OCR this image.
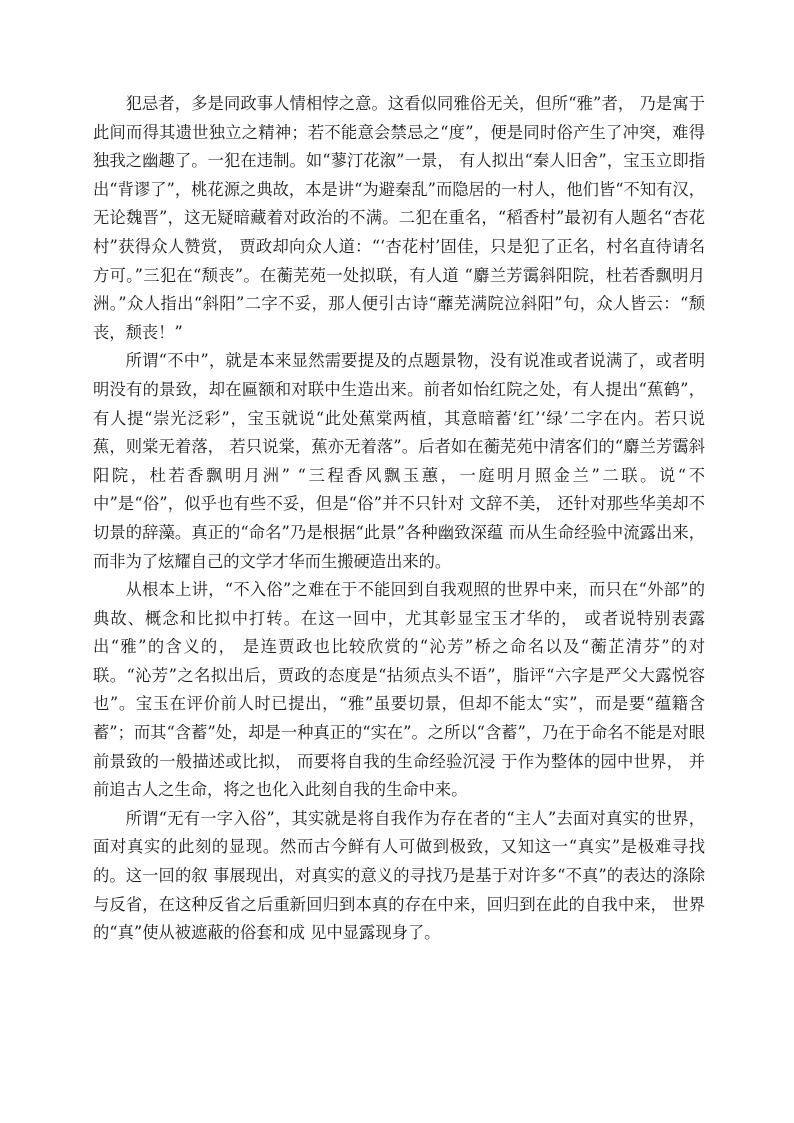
犯忌者，多是同政事人情相悖之意。这看似同雅俗无关，但所“雅”者， 乃是寓于此间而得其遗世独立之精神；若不能意会禁忌之“度”，便是同时俗产生了冲突，难得独我之幽趣了。一犯在违制。如“蓼汀花溆”一景， 有人拟出“秦人旧舍”，宝玉立即指出“背谬了”，桃花源之典故，本是讲“为避秦乱”而隐居的一村人，他们皆“不知有汉，无论魏晋”，这无疑暗藏着对政治的不满。二犯在重名，“稻香村”最初有人题名“杏花村”获得众人赞赏， 贾政却向众人道：“‘杏花村’固佳，只是犯了正名，村名直待请名方可。”三犯在“颓丧”。在蘅芜苑一处拟联，有人道 “麝兰芳霭斜阳院，杜若香飘明月洲。”众人指出“斜阳”二字不妥，那人便引古诗“蘼芜满院泣斜阳”句，众人皆云：“颓丧，颓丧！”

所谓“不中”，就是本来显然需要提及的点题景物，没有说准或者说满了，或者明明没有的景致，却在匾额和对联中生造出来。前者如怡红院之处，有人提出“蕉鹤”，有人提“崇光泛彩”，宝玉就说“此处蕉棠两植，其意暗蓄‘红’‘绿’二字在内。若只说蕉，则棠无着落， 若只说棠，蕉亦无着落”。后者如在蘅芜苑中清客们的“麝兰芳霭斜阳院，杜若香飘明月洲” “三程香风飘玉蕙，一庭明月照金兰”二联。说“不中”是“俗”，似乎也有些不妥，但是“俗”并不只针对 文辞不美， 还针对那些华美却不切景的辞藻。真正的“命名”乃是根据“此景”各种幽致深蕴 而从生命经验中流露出来，而非为了炫耀自己的文学才华而生搬硬造出来的。

从根本上讲，“不入俗”之难在于不能回到自我观照的世界中来，而只在“外部”的典故、概念和比拟中打转。在这一回中，尤其彰显宝玉才华的， 或者说特别表露出“雅”的含义的， 是连贾政也比较欣赏的“沁芳”桥之命名以及“蘅芷清芬”的对联。“沁芳”之名拟出后，贾政的态度是“拈须点头不语”，脂评“六字是严父大露悦容也”。宝玉在评价前人时已提出，“雅”虽要切景，但却不能太“实”，而是要“蕴籍含蓄”；而其“含蓄”处，却是一种真正的“实在”。之所以“含蓄”，乃在于命名不能是对眼前景致的一般描述或比拟， 而要将自我的生命经验沉浸 于作为整体的园中世界， 并前追古人之生命，将之也化入此刻自我的生命中来。

所谓“无有一字入俗”，其实就是将自我作为存在者的“主人”去面对真实的世界，面对真实的此刻的显现。然而古今鲜有人可做到极致，又知这一“真实”是极难寻找的。这一回的叙 事展现出，对真实的意义的寻找乃是基于对许多“不真”的表达的涤除与反省，在这种反省之后重新回归到本真的存在中来，回归到在此的自我中来， 世界的“真”使从被遮蔽的俗套和成 见中显露现身了。
